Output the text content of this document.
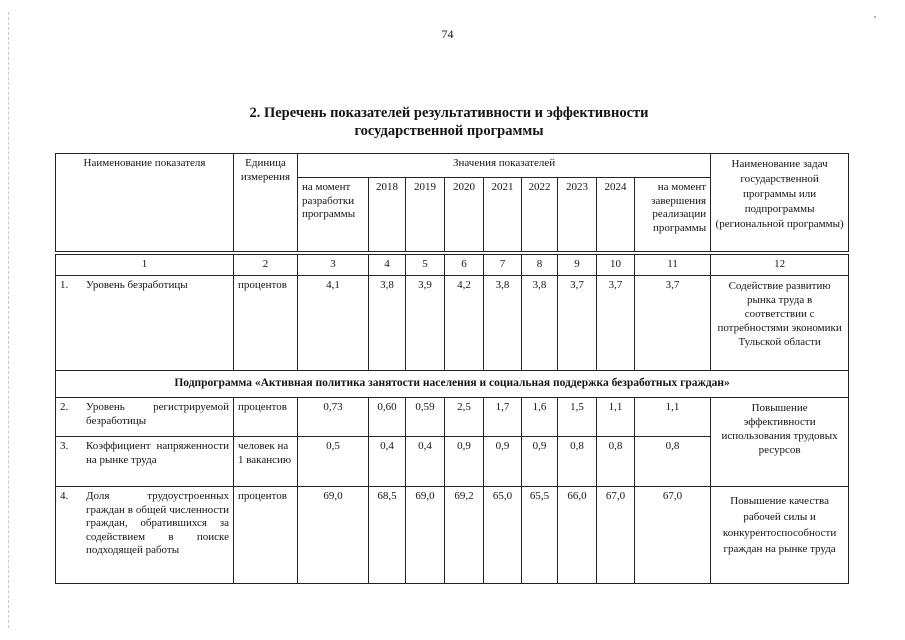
74
2. Перечень показателей результативности и эффективности
государственной программы
Наименование показателя	Единица измерения	Значения показателей									Наименование задач государственной программы или подпрограммы (региональной программы)
		на момент разработки программы	2018	2019	2020	2021	2022	2023	2024	на момент завершения реализации программы	
1	2	3	4	5	6	7	8	9	10	11	12

1. Уровень безработицы	процентов	4,1	3,8	3,9	4,2	3,8	3,8	3,7	3,7	3,7	Содействие развитию рынка труда в соответствии с потребностями экономики Тульской области
Подпрограмма «Активная политика занятости населения и социальная поддержка безработных граждан»											

2. Уровень регистрируемой безработицы	процентов	0,73	0,60	0,59	2,5	1,7	1,6	1,5	1,1	1,1	Повышение эффективности использования трудовых ресурсов

3. Коэффициент напряженности на рынке труда	человек на 1 вакансию	0,5	0,4	0,4	0,9	0,9	0,9	0,8	0,8	0,8	

4. Доля трудоустроенных граждан в общей численности граждан, обратившихся за содействием в поиске подходящей работы	процентов	69,0	68,5	69,0	69,2	65,0	65,5	66,0	67,0	67,0	Повышение качества рабочей силы и конкурентоспособности граждан на рынке труда
